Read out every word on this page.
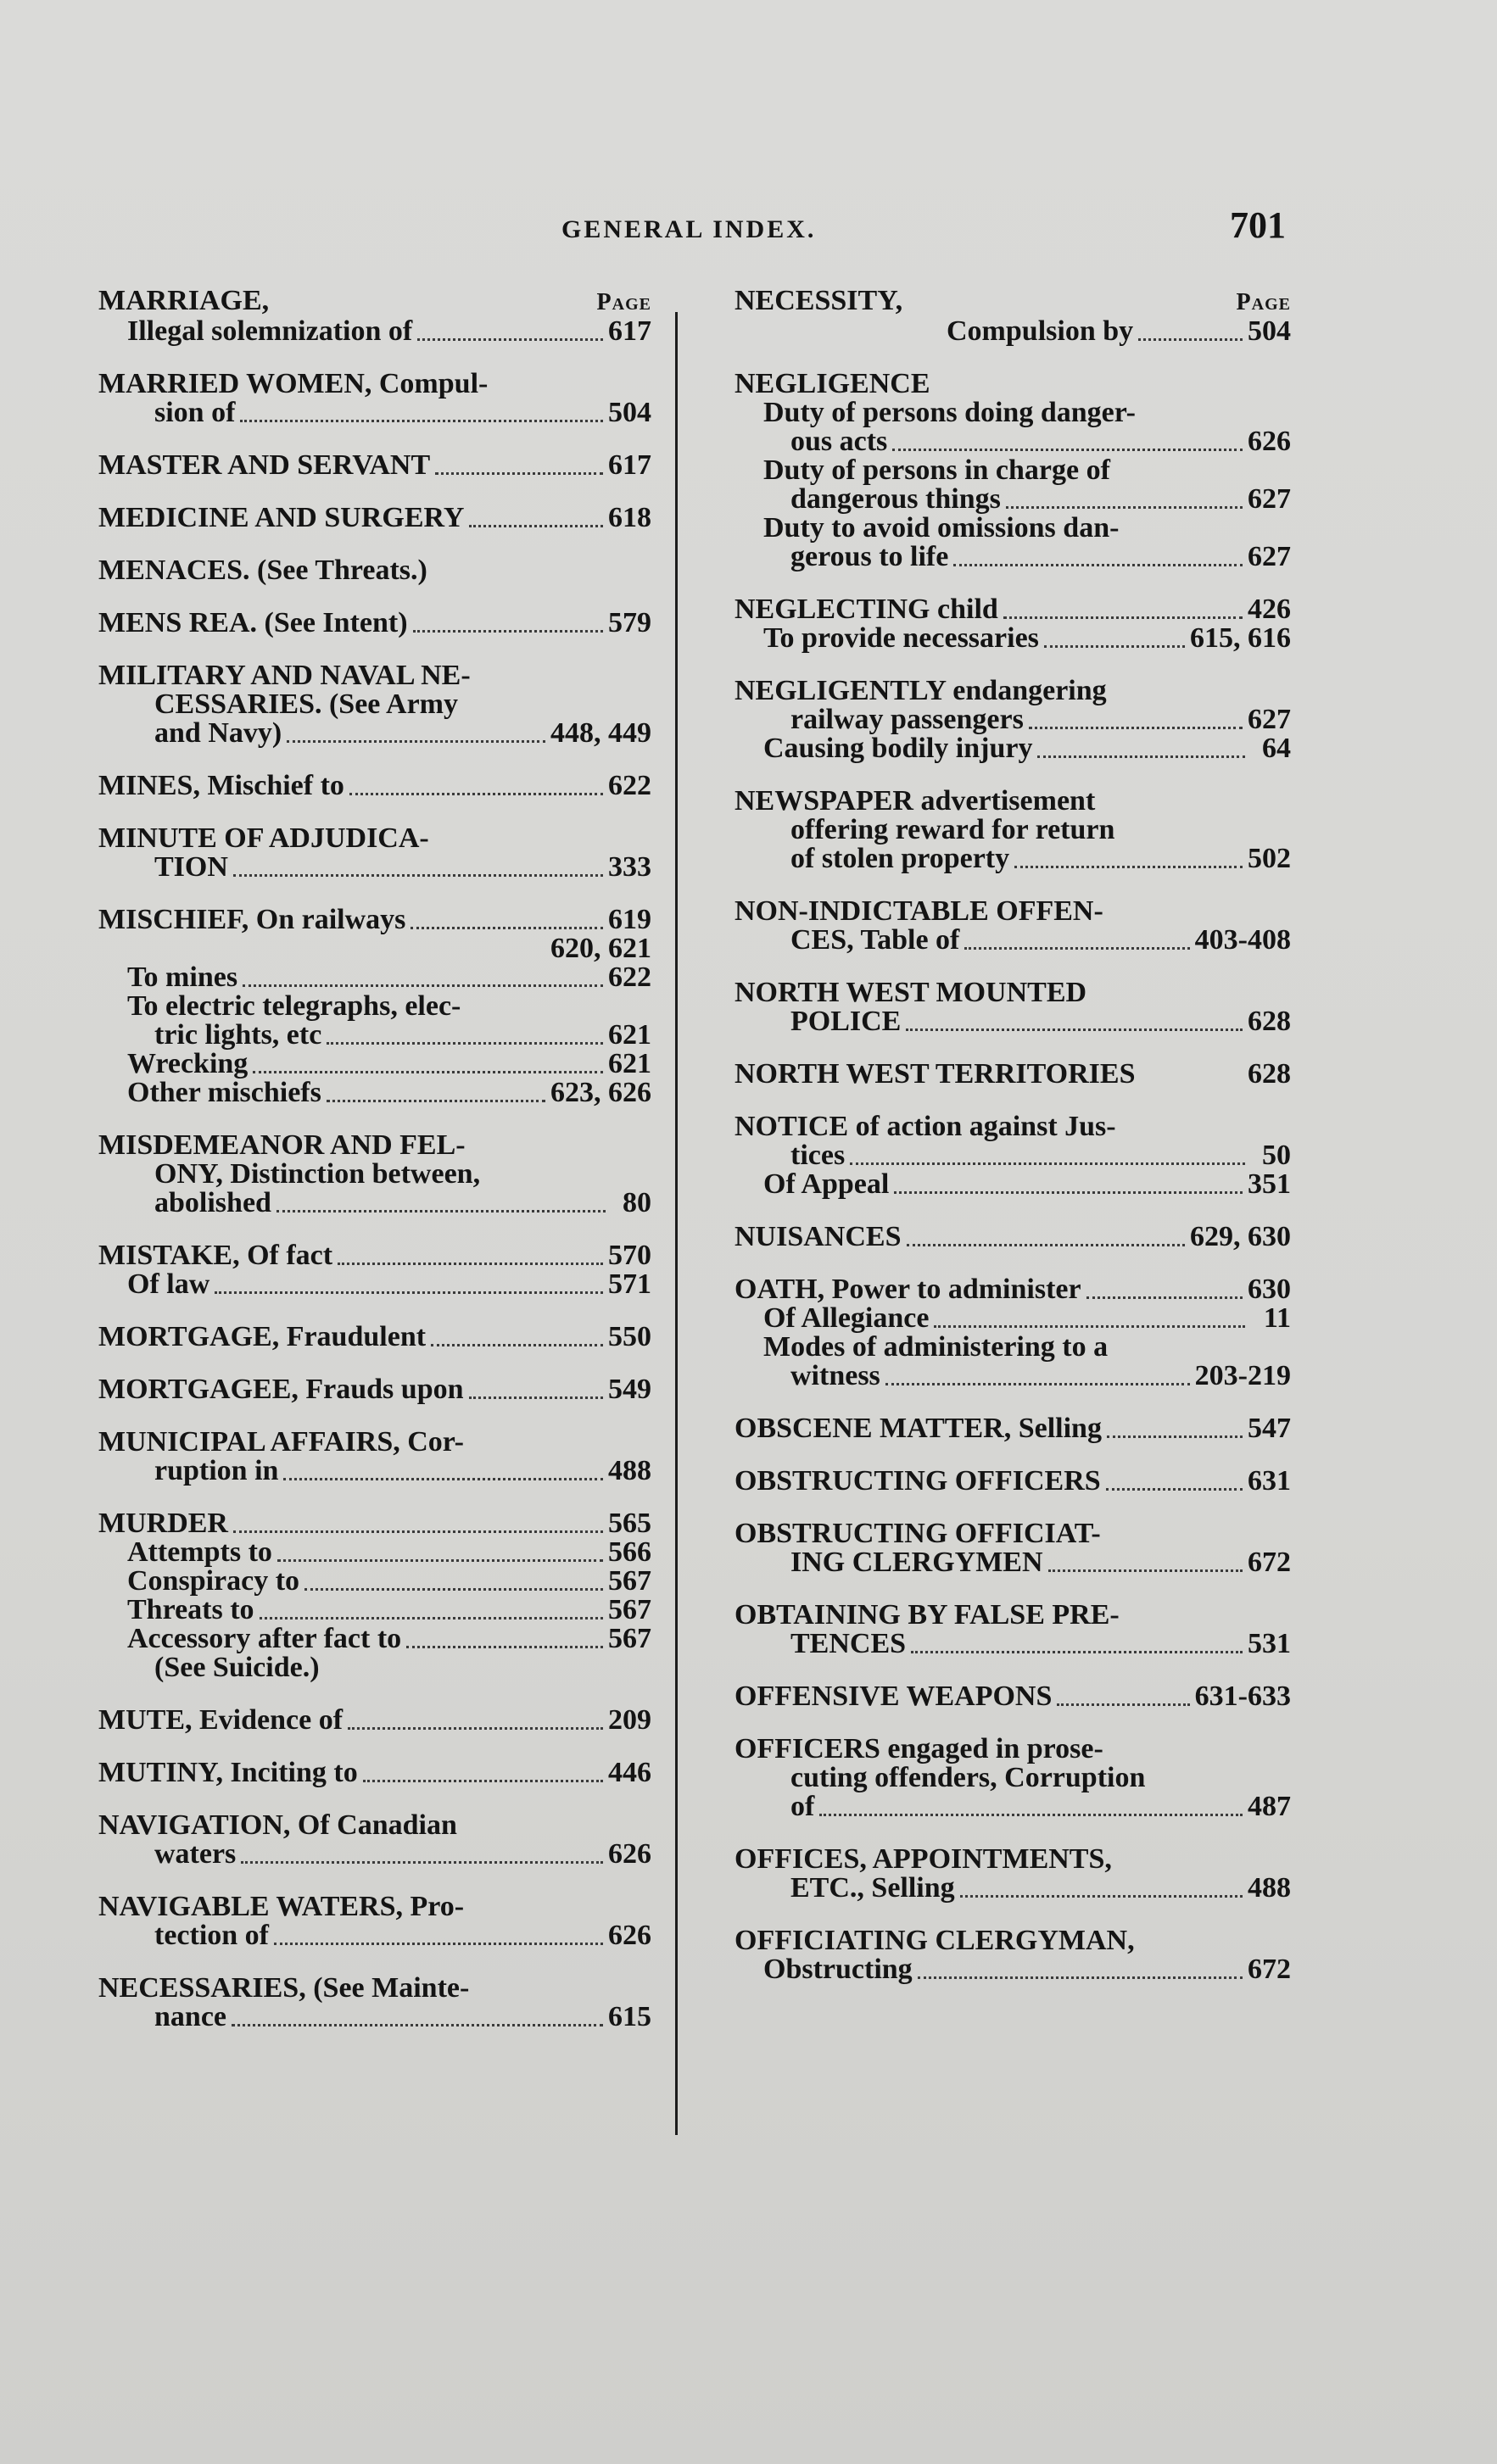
GENERAL INDEX.	701
MARRIAGE,	Page
Illegal solemnization of	617
MARRIED WOMEN, Compul-
sion of	504
MASTER AND SERVANT	617
MEDICINE AND SURGERY	618
MENACES. (See Threats.)
MENS REA. (See Intent)	579
MILITARY AND NAVAL NE-
CESSARIES. (See Army
and Navy)	448, 449
MINES, Mischief to	622
MINUTE OF ADJUDICA-
TION	333
MISCHIEF, On railways	619
620, 621
To mines	622
To electric telegraphs, elec-
tric lights, etc	621
Wrecking	621
Other mischiefs	623, 626
MISDEMEANOR AND FEL-
ONY, Distinction between,
abolished	80
MISTAKE, Of fact	570
Of law	571
MORTGAGE, Fraudulent	550
MORTGAGEE, Frauds upon	549
MUNICIPAL AFFAIRS, Cor-
ruption in	488
MURDER	565
Attempts to	566
Conspiracy to	567
Threats to	567
Accessory after fact to	567
(See Suicide.)
MUTE, Evidence of	209
MUTINY, Inciting to	446
NAVIGATION, Of Canadian
waters	626
NAVIGABLE WATERS, Pro-
tection of	626
NECESSARIES, (See Mainte-
nance	615
NECESSITY,	Page
Compulsion by	504
NEGLIGENCE
Duty of persons doing danger-
ous acts	626
Duty of persons in charge of
dangerous things	627
Duty to avoid omissions dan-
gerous to life	627
NEGLECTING child	426
To provide necessaries	615, 616
NEGLIGENTLY endangering
railway passengers	627
Causing bodily injury	64
NEWSPAPER advertisement
offering reward for return
of stolen property	502
NON-INDICTABLE OFFEN-
CES, Table of	403-408
NORTH WEST MOUNTED
POLICE	628
NORTH WEST TERRITORIES	628
NOTICE of action against Jus-
tices	50
Of Appeal	351
NUISANCES	629, 630
OATH, Power to administer	630
Of Allegiance	11
Modes of administering to a
witness	203-219
OBSCENE MATTER, Selling	547
OBSTRUCTING OFFICERS	631
OBSTRUCTING OFFICIAT-
ING CLERGYMEN	672
OBTAINING BY FALSE PRE-
TENCES	531
OFFENSIVE WEAPONS	631-633
OFFICERS engaged in prose-
cuting offenders, Corruption
of	487
OFFICES, APPOINTMENTS,
ETC., Selling	488
OFFICIATING CLERGYMAN,
Obstructing	672
